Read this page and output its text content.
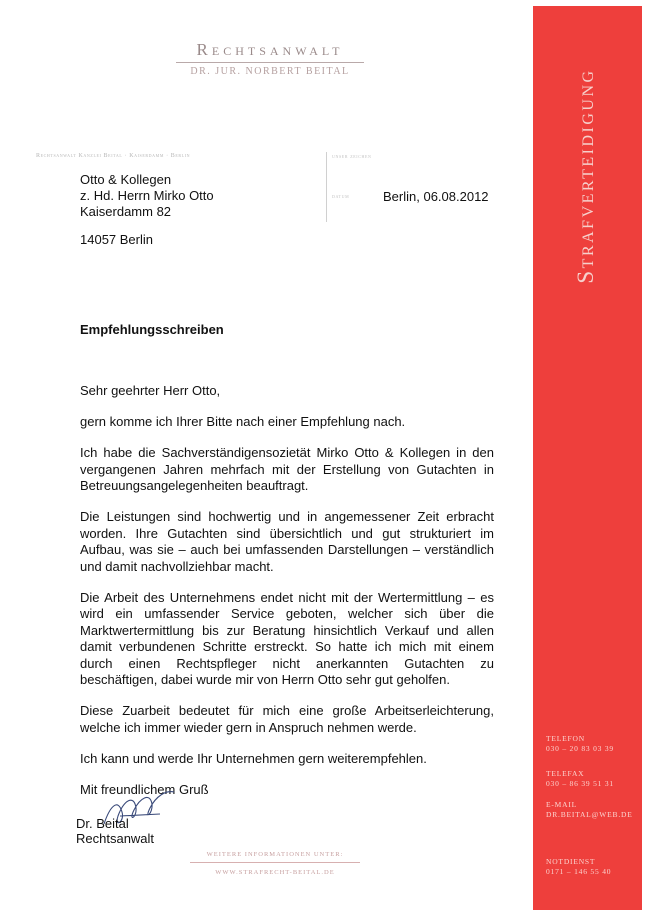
Rechtsanwalt
DR. JUR. NORBERT BEITAL
Rechtsanwalt Kanzlei Beital · Kaiserdamm · Berlin	unser zeichen
datum
Otto & Kollegen
z. Hd. Herrn Mirko Otto
Kaiserdamm 82
14057 Berlin
Berlin, 06.08.2012
Empfehlungsschreiben

Sehr geehrter Herr Otto,

gern komme ich Ihrer Bitte nach einer Empfehlung nach.

Ich habe die Sachverständigensozietät Mirko Otto & Kollegen in den vergangenen Jahren mehrfach mit der Erstellung von Gutachten in Betreuungsangelegenheiten beauftragt.

Die Leistungen sind hochwertig und in angemessener Zeit erbracht worden. Ihre Gutachten sind übersichtlich und gut strukturiert im Aufbau, was sie – auch bei umfassenden Darstellungen – verständlich und damit nachvollziehbar macht.

Die Arbeit des Unternehmens endet nicht mit der Wertermittlung – es wird ein umfassender Service geboten, welcher sich über die Marktwertermittlung bis zur Beratung hinsichtlich Verkauf und allen damit verbundenen Schritte erstreckt. So hatte ich mich mit einem durch einen Rechtspfleger nicht anerkannten Gutachten zu beschäftigen, dabei wurde mir von Herrn Otto sehr gut geholfen.

Diese Zuarbeit bedeutet für mich eine große Arbeitserleichterung, welche ich immer wieder gern in Anspruch nehmen werde.

Ich kann und werde Ihr Unternehmen gern weiterempfehlen.

Mit freundlichem Gruß

Dr. Beital
Rechtsanwalt
WEITERE INFORMATIONEN UNTER:
WWW.STRAFRECHT-BEITAL.DE
Strafverteidigung
TELEFON
030 – 20 83 03 39
TELEFAX
030 – 86 39 51 31
E-MAIL
DR.BEITAL@WEB.DE
NOTDIENST
0171 – 146 55 40
